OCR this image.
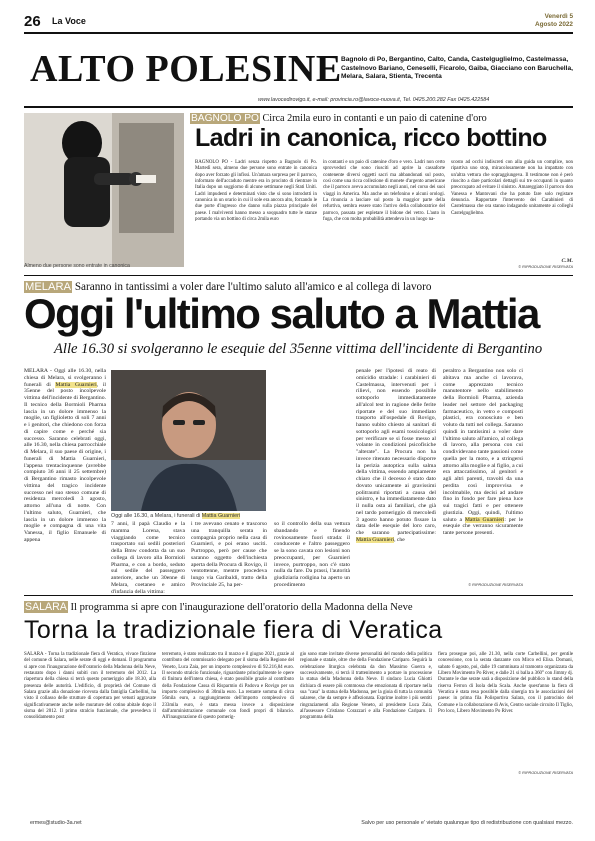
26 La Voce	Venerdì 5
Agosto 2022
ALTO POLESINE Bagnolo di Po, Bergantino, Calto, Canda, Castelguglielmo, Castelmassa, Castelnovo Bariano, Ceneselli, Ficarolo, Gaiba, Giacciano con Baruchella, Melara, Salara, Stienta, Trecenta
www.lavocedirovigo.it, e-mail: provincia.ro@lavoce-nuova.it, Tel. 0425.200.282 Fax 0425.422584
Almeno due persone sono entrate in canonica
BAGNOLO PO Circa 2mila euro in contanti e un paio di catenine d'oro
Ladri in canonica, ricco bottino
BAGNOLO PO - Ladri senza rispetto a Bagnolo di Po. Martedì sera, almeno due persone sono entrate in canonica dopo aver forzato gli infissi. Un'amara sorpresa per il parroco, informato dell'accaduto mentre era in procinto di rientrare in Italia dopo un soggiorno di alcune settimane negli Stati Uniti. Ladri impudenti e determinati visto che si sono introdotti in canonica in un orario in cui il sole era ancora alto, forzando le due porte d'ingresso che danno sulla piazza principale del paese. I malviventi hanno messo a soqquadro tutte le stanze portando via un bottino di circa 2mila euro
in contanti e un paio di catenine d'oro e vero. Ladri non certo sprovveduti che sono riusciti ad aprire la cassaforte contenente diversi oggetti sacri ma abbandonati sul posto, così come una ricca collezione di monete d'argento americane che il parroco aveva accumulato negli anni, nel corso dei suoi viaggi in America. Ma anche un telefonino e alcuni orologi. La rinuncia a lasciare sul posto la maggior parte della refurtiva, sembra essere stato l'arrivo della collaboratrice del parroco, passata per espletare il bidone del vetro. L'auto in fuga, che con molta probabilità attendeva in un luogo na-
scosto ad occhi indiscreti con alla guida un complice, non ripartiva uno stop, miracolosamente non ha impattato con un'altra vettura che sopraggiungeva. Il testimone non è però riuscito a dare particolari dettagli sui tre occupanti in quanto preoccupato ad evitare il sinistro. Amareggiato il parroco don Vanessa e Mantovani che ha potuto fare solo registare denuncia. Rapportate l'intervento dei Carabinieri di Castelmassa che ora stanno indagando unitamente ai colleghi Castelguglielmo.
C.M.
© RIPRODUZIONE RISERVATA
MELARA Saranno in tantissimi a voler dare l'ultimo saluto all'amico e al collega di lavoro
Oggi l'ultimo saluto a Mattia
Alle 16.30 si svolgeranno le esequie del 35enne vittima dell'incidente di Bergantino
MELARA - Oggi alle 16.30, nella chiesa di Melara, si svolgeranno i funerali di Mattia Guarnieri, il 35enne del posto incolpevole vittima dell'incidente di Bergantino. Il tecnico della Bormioli Pharma lascia in un dolore immenso la moglie, un figlioletto di soli 7 anni e i genitori, che chiedono con forza di capire come e perché sia successo. Saranno celebrati oggi, alle 16.30, nella chiesa parrocchiale di Melara, il suo paese di origine, i funerali di Mattia Guarnieri, l'appena trentacinquenne (avrebbe compiuto 36 anni il 25 settembre) di Bergantino rimasto incolpevole vittima del tragico incidente successo nel suo stesso comune di residenza mercoledì 3 agosto, attorno all'una di notte. Con l'ultimo saluto, Guarnieri, che lascia in un dolore immenso la moglie e compagna di una vita Vanessa, il figlio Emanuele di appena
Oggi alle 16.30, a Melara, i funerali di Mattia Guarnieri
7 anni, il papà Claudio e la mamma Lorena, stava viaggiando come tecnico trasportato sui sedili posteriori della Bmw condotta da un suo collega di lavoro alla Bormioli Pharma, e con a bordo, seduto sul sedile del passeggero anteriore, anche un 30enne di Melara, coetaneo e amico d'infanzia della vittima:
i tre avevano cenato e trascorso una tranquilla serata in compagnia proprio nella casa di Guarnieri, e poi erano usciti. Purtroppo, però per cause che saranno oggetto dell'inchiesta aperta della Procura di Rovigo, il ventottenne, mentre procedeva lungo via Garibaldi, tratto della Provinciale 25, ha per-
so il controllo della sua vettura sbandando e finendo rovinosamente fuori strada: il conducente e l'altro passeggero se la sono cavata con lesioni non preoccupanti, per Guarnieri invece, purtroppo, non c'è stato nulla da fare. Da prassi, l'autorità giudiziaria rodigina ha aperto un procedimento
penale per l'ipotesi di reato di omicidio stradale: i carabinieri di Castelmassa, intervenuti per i rilievi, non essendo possibile sottoporlo immediatamente all'alcol test in ragione delle ferite riportate e del suo immediato trasporto all'ospedale di Rovigo, hanno subito chiesto ai sanitari di sottoporlo agli esami tossicologici per verificare se si fosse messo al volante in condizioni psicofisiche "alterate". La Procura non ha invece ritenuto necessario disporre la perizia autoptica sulla salma della vittima, essendo ampiamente chiaro che il decesso è stato dato dovuto unicamente ai gravissimi politraumi riportati a causa del sinistro, e ha immediatamente dato il nulla osta ai familiari, che già nel tardo pomeriggio di mercoledì 3 agosto hanno potuto fissare la data delle esequie del loro caro, che saranno partecipatissime: Mattia Guarnieri, che
peraltro a Bergantino non solo ci abitava ma anche ci lavorava, come apprezzato tecnico manutentore nello stabilimento della Bormioli Pharma, azienda leader nel settore del packaging farmaceutico, in vetro e composti plastici, era conosciuto e ben voluto da tutti nel collega. Saranno quindi in tantissimi a voler dare l'ultimo saluto all'amico, al collega di lavoro, alla persona con cui condividevano tante passioni come quella per la moto, e a stringersi attorno alla moglie e al figlio, a cui era attaccatissimo, al genitori e agli altri parenti, travolti da una perdita così improvvisa e incolmabile, ma decisi ad andare fino in fondo per fare piena luce sui tragici fatti e per ottenere giustizia. Oggi, quindi, l'ultimo saluto a Mattia Guarnieri: per le esequie che verranno sicuramente tante persone presenti.
© RIPRODUZIONE RISERVATA
SALARA Il programma si apre con l'inaugurazione dell'oratorio della Madonna della Neve
Torna la tradizionale fiera di Veratica
SALARA - Torna la tradizionale fiera di Veratica, vivace finzione del comune di Salara, nelle serate di oggi e domani. Il programma si apre con l'inaugurazione dell'oratorio della Madonna della Neve, restaurato dopo i danni subiti con il terremoto del 2012. La riapertura della chiesa si terrà questo pomeriggio alle 18.30, alla presenza delle autorità. L'edificio, di proprietà del Comune di Salara grazie alla donazione ricevuta dalla famiglia Carbellini, ha visto il collasso delle strutture di copertura per vetusti aggravate significativamente anche nelle murature del cotino abitale dopo il sisma del 2012. Il primo stralcio funzionale, che prevedeva il consolidamento post
terremoto, è stato realizzato tra il marzo e il giugno 2021, grazie al contributo del commissario delegato per il sisma della Regione del Veneto, Luca Zaia, per un importo complessivo di 92.216,84 euro. Il secondo stralcio funzionale, riguardante principalmente le opere di finitura dell'intera chiesa, è stato possibile grazie al contributo della Fondazione Cassa di Risparmio di Padova e Rovigo per un importo complessivo di 30mila euro. La restante somma di circa 56mila euro, a raggiungimento dell'importo complessivo di 233mila euro, è stata messa invece a disposizione dall'amministrazione comunale con fondi propri di bilancio. All'inaugurazione di questo pomerig-
gio sono state invitate diverse personalità del mondo della politica regionale e statale, oltre che della Fondazione Cariparo. Seguirà la celebrazione liturgica celebrata da don Massimo Guerra e, successivamente, si terrà il trattenimento a portare in processione la statua della Madonna della Neve. Il sindaco Lucia Ghiotti dichiara di essere più commossa che emozionata di riportare nella sua "casa" la statua della Madonna, per la gioia di tutta la comunità salarese, che da sempre è affezionata. Esprime inoltre i più sentiti ringraziamenti alla Regione Veneto, al presidente Luca Zaia, all'assessore Cristiano Corazzari e alla Fondazione Cariparo. Il programma della
fiera prosegue poi, alle 21.30, nella corte Carbellini, per gentile concessione, con la serata danzante con Mirco ed Elisa. Domani, sabato 6 agosto, poi, dalle 19 camminata al tramonto organizzata da Libero Movimento Po River, e dalle 21 si balla a 360° con Jimmy dj. Durante le due serate sarà a disposizione del pubblico lo stand della riserva Ferron di Isola della Scala. Anche quest'anno la fiera di Veratica è stata resa possibile dalla sinergia tra le associazioni del paese: in prima fila Polisportiva Salara, con il patrocinio del Comune e la collaborazione di Avis, Centro sociale circuito Il Tiglio, Pro loco, Libero Movimento Po River.
© RIPRODUZIONE RISERVATA
ermes@studio-3a.net	Salvo per uso personale e' vietato qualunque tipo di redistribuzione con qualsiasi mezzo.
